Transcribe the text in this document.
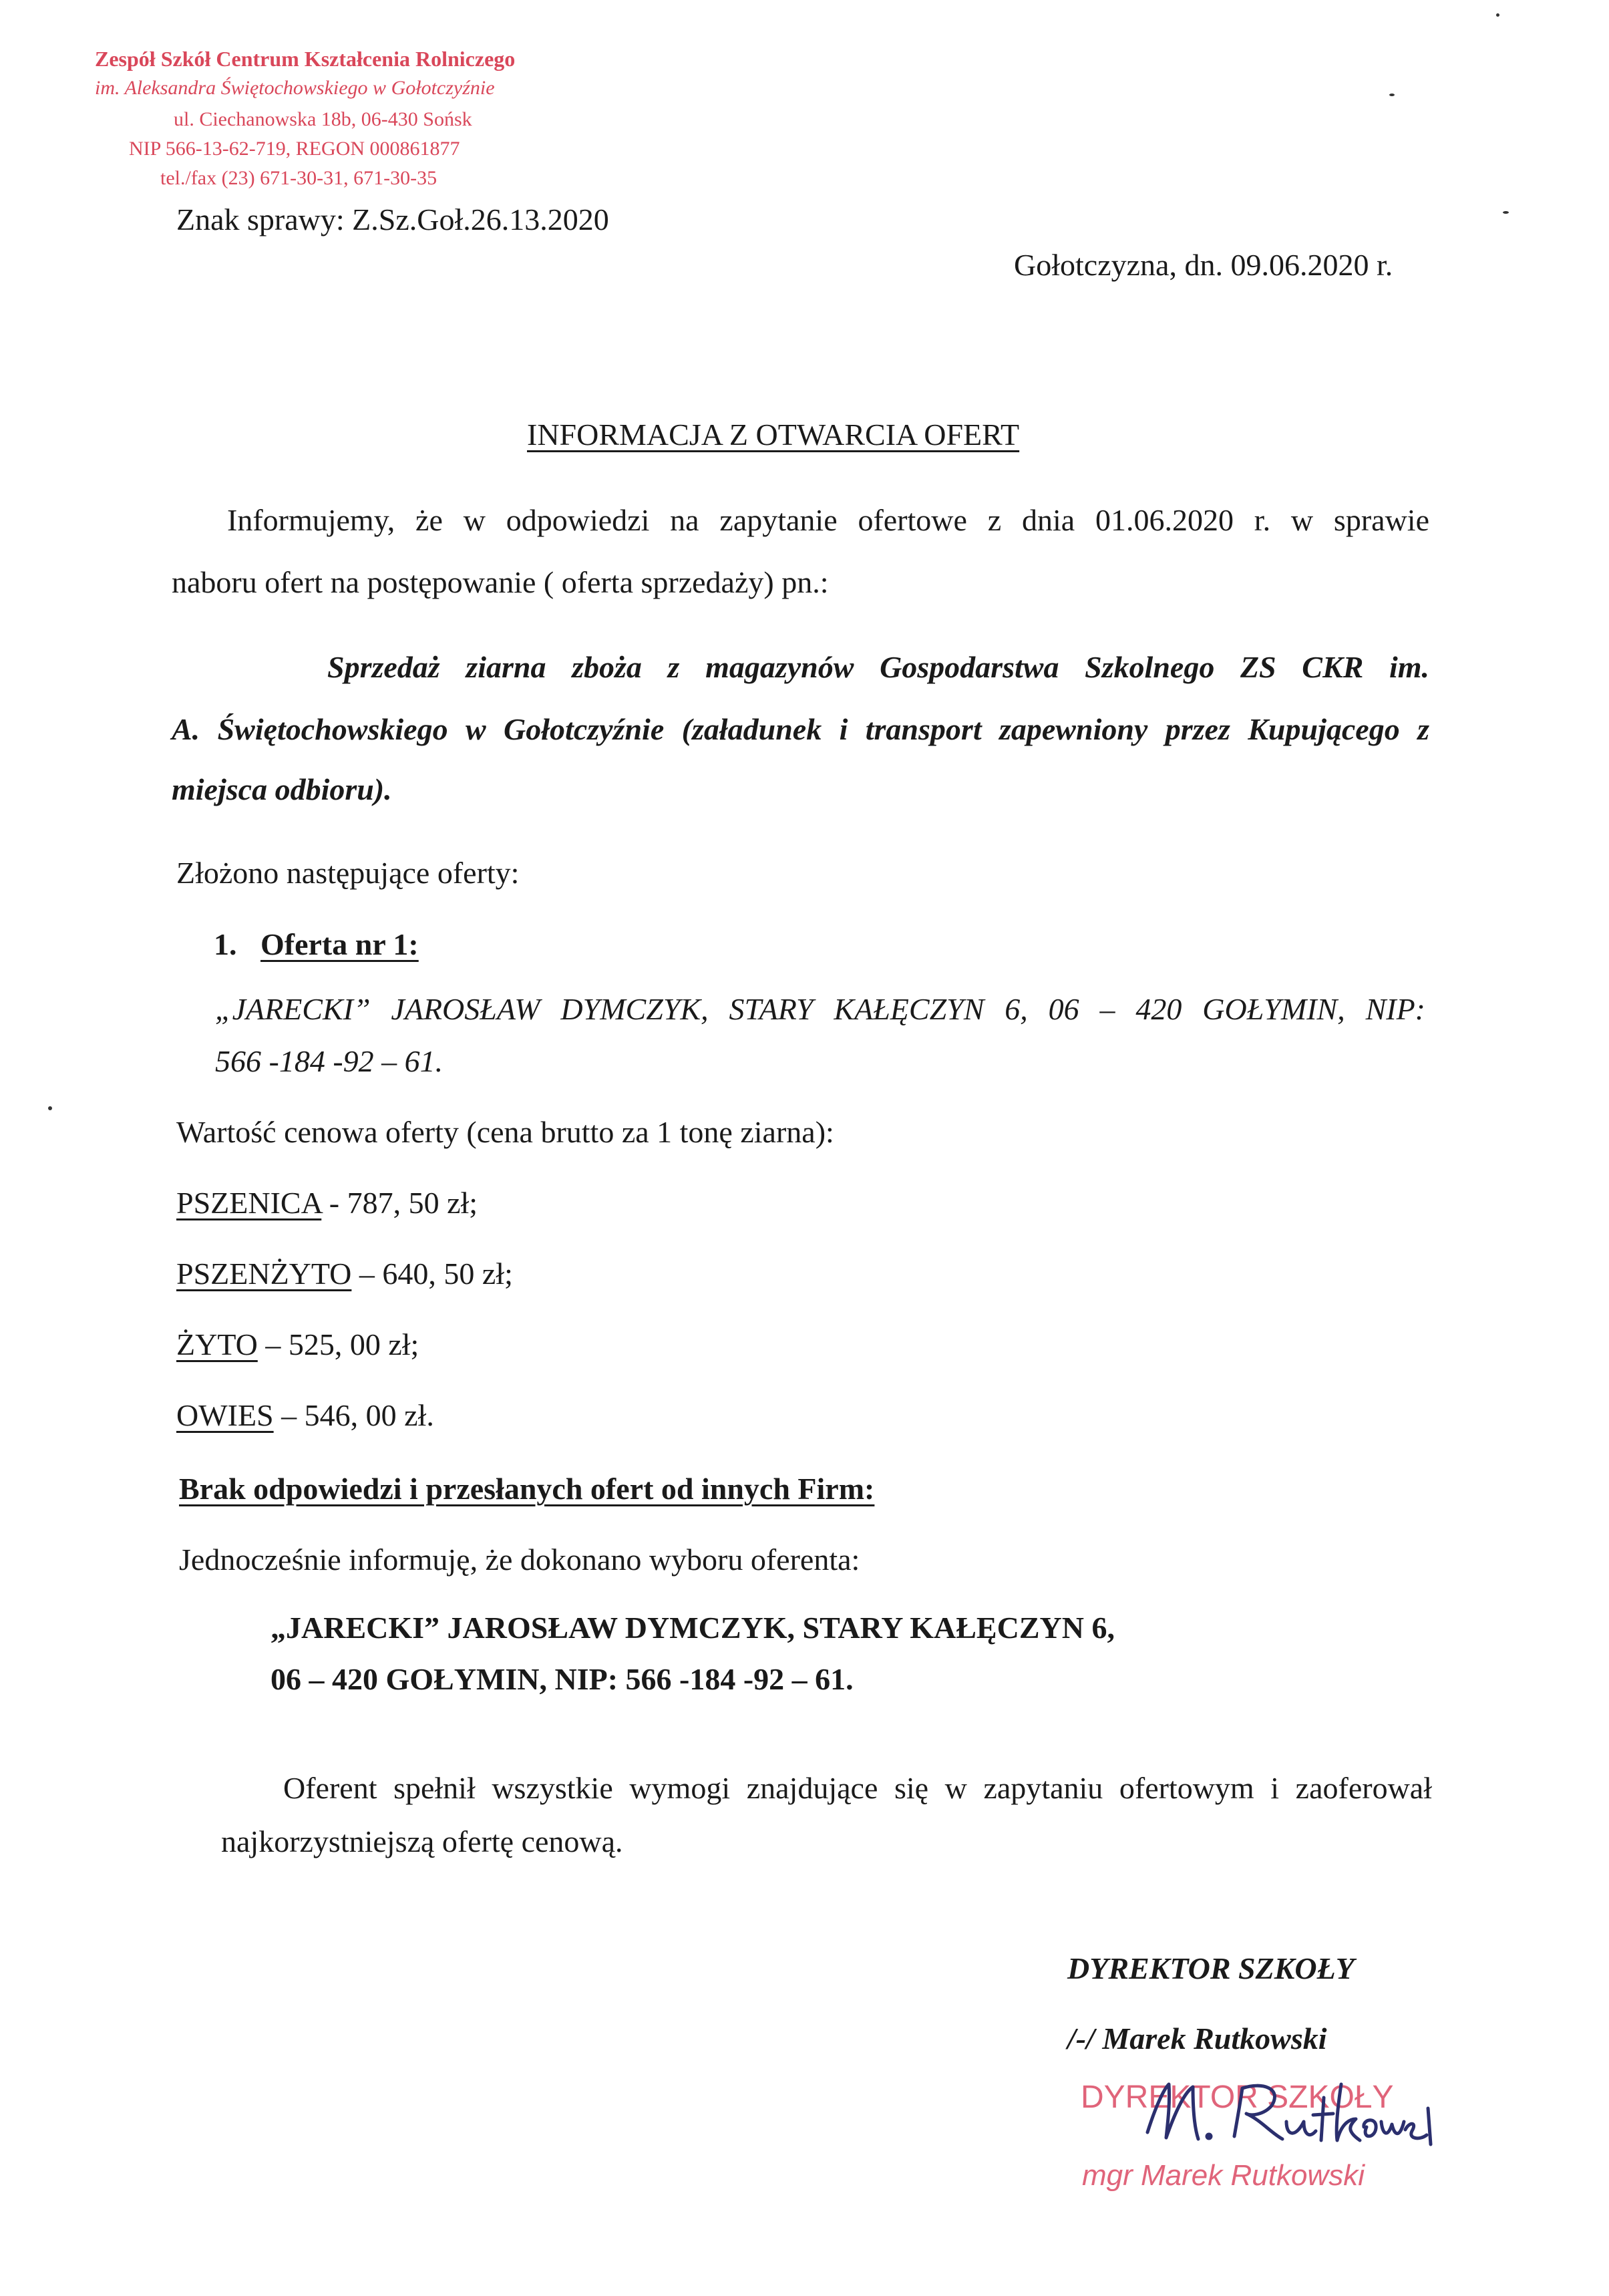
Zespół Szkół Centrum Kształcenia Rolniczego
im. Aleksandra Świętochowskiego w Gołotczyźnie
ul. Ciechanowska 18b, 06-430 Sońsk
NIP 566-13-62-719, REGON 000861877
tel./fax (23) 671-30-31, 671-30-35
Znak sprawy: Z.Sz.Goł.26.13.2020
Gołotczyzna, dn. 09.06.2020 r.
INFORMACJA Z OTWARCIA OFERT
Informujemy, że w odpowiedzi na zapytanie ofertowe z dnia 01.06.2020 r. w sprawie
naboru ofert na postępowanie ( oferta sprzedaży) pn.:
Sprzedaż ziarna zboża z magazynów Gospodarstwa Szkolnego ZS CKR im.
A. Świętochowskiego w Gołotczyźnie (załadunek i transport zapewniony przez Kupującego z
miejsca odbioru).
Złożono następujące oferty:
1. Oferta nr 1:
„JARECKI” JAROSŁAW DYMCZYK, STARY KAŁĘCZYN 6, 06 – 420 GOŁYMIN, NIP:
566 -184 -92 – 61.
Wartość cenowa oferty (cena brutto za 1 tonę ziarna):
PSZENICA - 787, 50 zł;
PSZENŻYTO – 640, 50 zł;
ŻYTO – 525, 00 zł;
OWIES – 546, 00 zł.
Brak odpowiedzi i przesłanych ofert od innych Firm:
Jednocześnie informuję, że dokonano wyboru oferenta:
„JARECKI” JAROSŁAW DYMCZYK, STARY KAŁĘCZYN 6,
06 – 420 GOŁYMIN, NIP: 566 -184 -92 – 61.
Oferent spełnił wszystkie wymogi znajdujące się w zapytaniu ofertowym i zaoferował
najkorzystniejszą ofertę cenową.
DYREKTOR SZKOŁY
/-/ Marek Rutkowski
DYREKTOR SZKOŁY
mgr Marek Rutkowski
